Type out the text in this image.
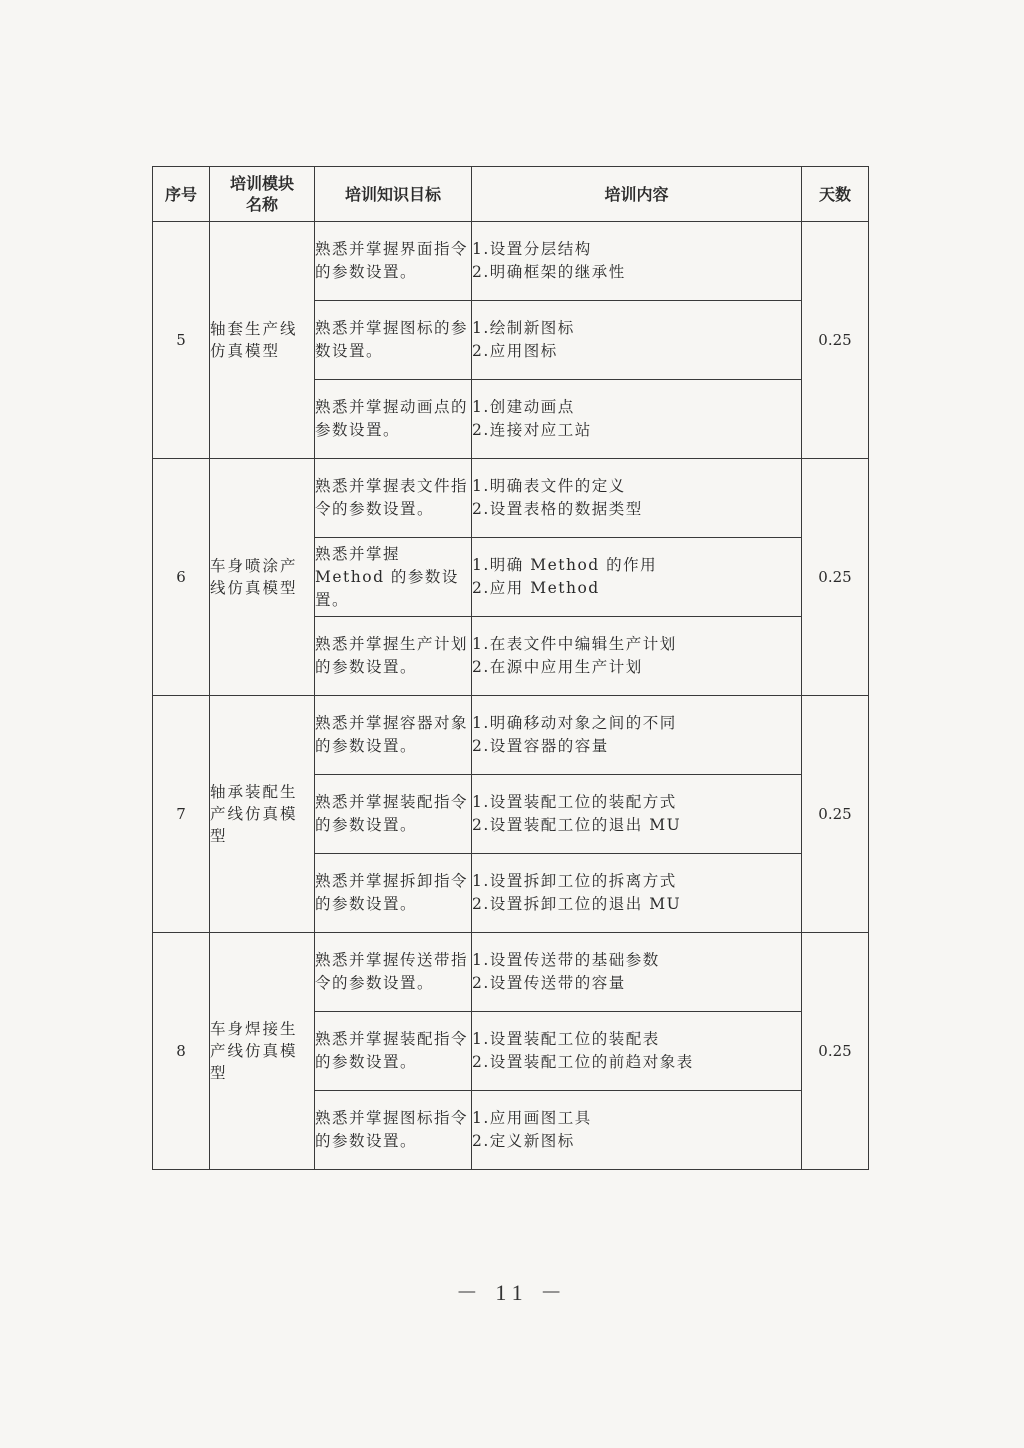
序号	培训模块名称	培训知识目标	培训内容	天数
5	轴套生产线仿真模型	熟悉并掌握界面指令的参数设置。	1.设置分层结构
2.明确框架的继承性	0.25
		熟悉并掌握图标的参数设置。	1.绘制新图标
2.应用图标	

		熟悉并掌握动画点的参数设置。	1.创建动画点
2.连接对应工站	

6	车身喷涂产线仿真模型	熟悉并掌握表文件指令的参数设置。	1.明确表文件的定义
2.设置表格的数据类型	0.25
		熟悉并掌握 Method 的参数设置。	1.明确 Method 的作用
2.应用 Method	

		熟悉并掌握生产计划的参数设置。	1.在表文件中编辑生产计划
2.在源中应用生产计划	

7	轴承装配生产线仿真模型	熟悉并掌握容器对象的参数设置。	1.明确移动对象之间的不同
2.设置容器的容量	0.25
		熟悉并掌握装配指令的参数设置。	1.设置装配工位的装配方式
2.设置装配工位的退出 MU	

		熟悉并掌握拆卸指令的参数设置。	1.设置拆卸工位的拆离方式
2.设置拆卸工位的退出 MU	

8	车身焊接生产线仿真模型	熟悉并掌握传送带指令的参数设置。	1.设置传送带的基础参数
2.设置传送带的容量	0.25
		熟悉并掌握装配指令的参数设置。	1.设置装配工位的装配表
2.设置装配工位的前趋对象表	

		熟悉并掌握图标指令的参数设置。	1.应用画图工具
2.定义新图标	
－ 11 －
